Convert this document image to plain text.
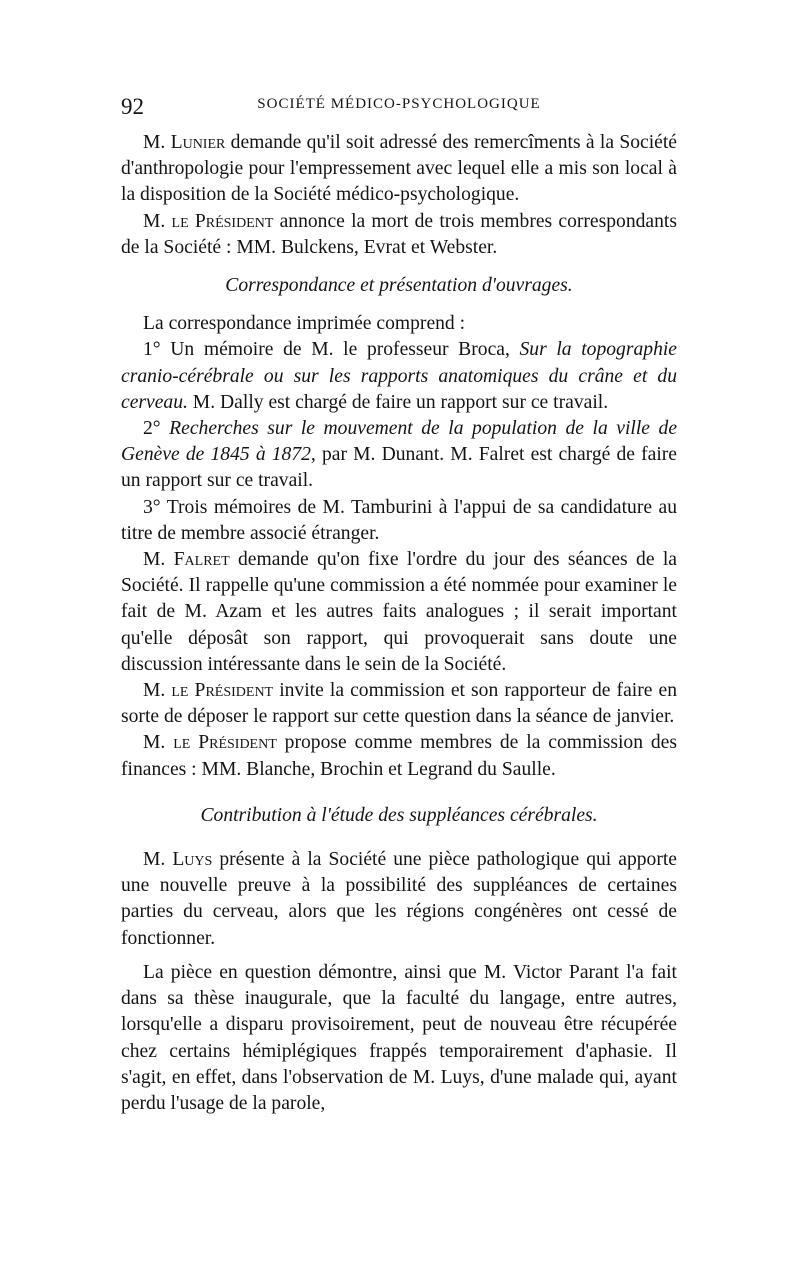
92	SOCIÉTÉ MÉDICO-PSYCHOLOGIQUE

M. Lunier demande qu'il soit adressé des remercîments à la Société d'anthropologie pour l'empressement avec lequel elle a mis son local à la disposition de la Société médico-psychologique.

M. le Président annonce la mort de trois membres correspondants de la Société : MM. Bulckens, Evrat et Webster.

Correspondance et présentation d'ouvrages.

La correspondance imprimée comprend :

1° Un mémoire de M. le professeur Broca, Sur la topographie cranio-cérébrale ou sur les rapports anatomiques du crâne et du cerveau. M. Dally est chargé de faire un rapport sur ce travail.

2° Recherches sur le mouvement de la population de la ville de Genève de 1845 à 1872, par M. Dunant. M. Falret est chargé de faire un rapport sur ce travail.

3° Trois mémoires de M. Tamburini à l'appui de sa candidature au titre de membre associé étranger.

M. Falret demande qu'on fixe l'ordre du jour des séances de la Société. Il rappelle qu'une commission a été nommée pour examiner le fait de M. Azam et les autres faits analogues ; il serait important qu'elle déposât son rapport, qui provoquerait sans doute une discussion intéressante dans le sein de la Société.

M. le Président invite la commission et son rapporteur de faire en sorte de déposer le rapport sur cette question dans la séance de janvier.

M. le Président propose comme membres de la commission des finances : MM. Blanche, Brochin et Legrand du Saulle.

Contribution à l'étude des suppléances cérébrales.

M. Luys présente à la Société une pièce pathologique qui apporte une nouvelle preuve à la possibilité des suppléances de certaines parties du cerveau, alors que les régions congénères ont cessé de fonctionner.

La pièce en question démontre, ainsi que M. Victor Parant l'a fait dans sa thèse inaugurale, que la faculté du langage, entre autres, lorsqu'elle a disparu provisoirement, peut de nouveau être récupérée chez certains hémiplégiques frappés temporairement d'aphasie. Il s'agit, en effet, dans l'observation de M. Luys, d'une malade qui, ayant perdu l'usage de la parole,
